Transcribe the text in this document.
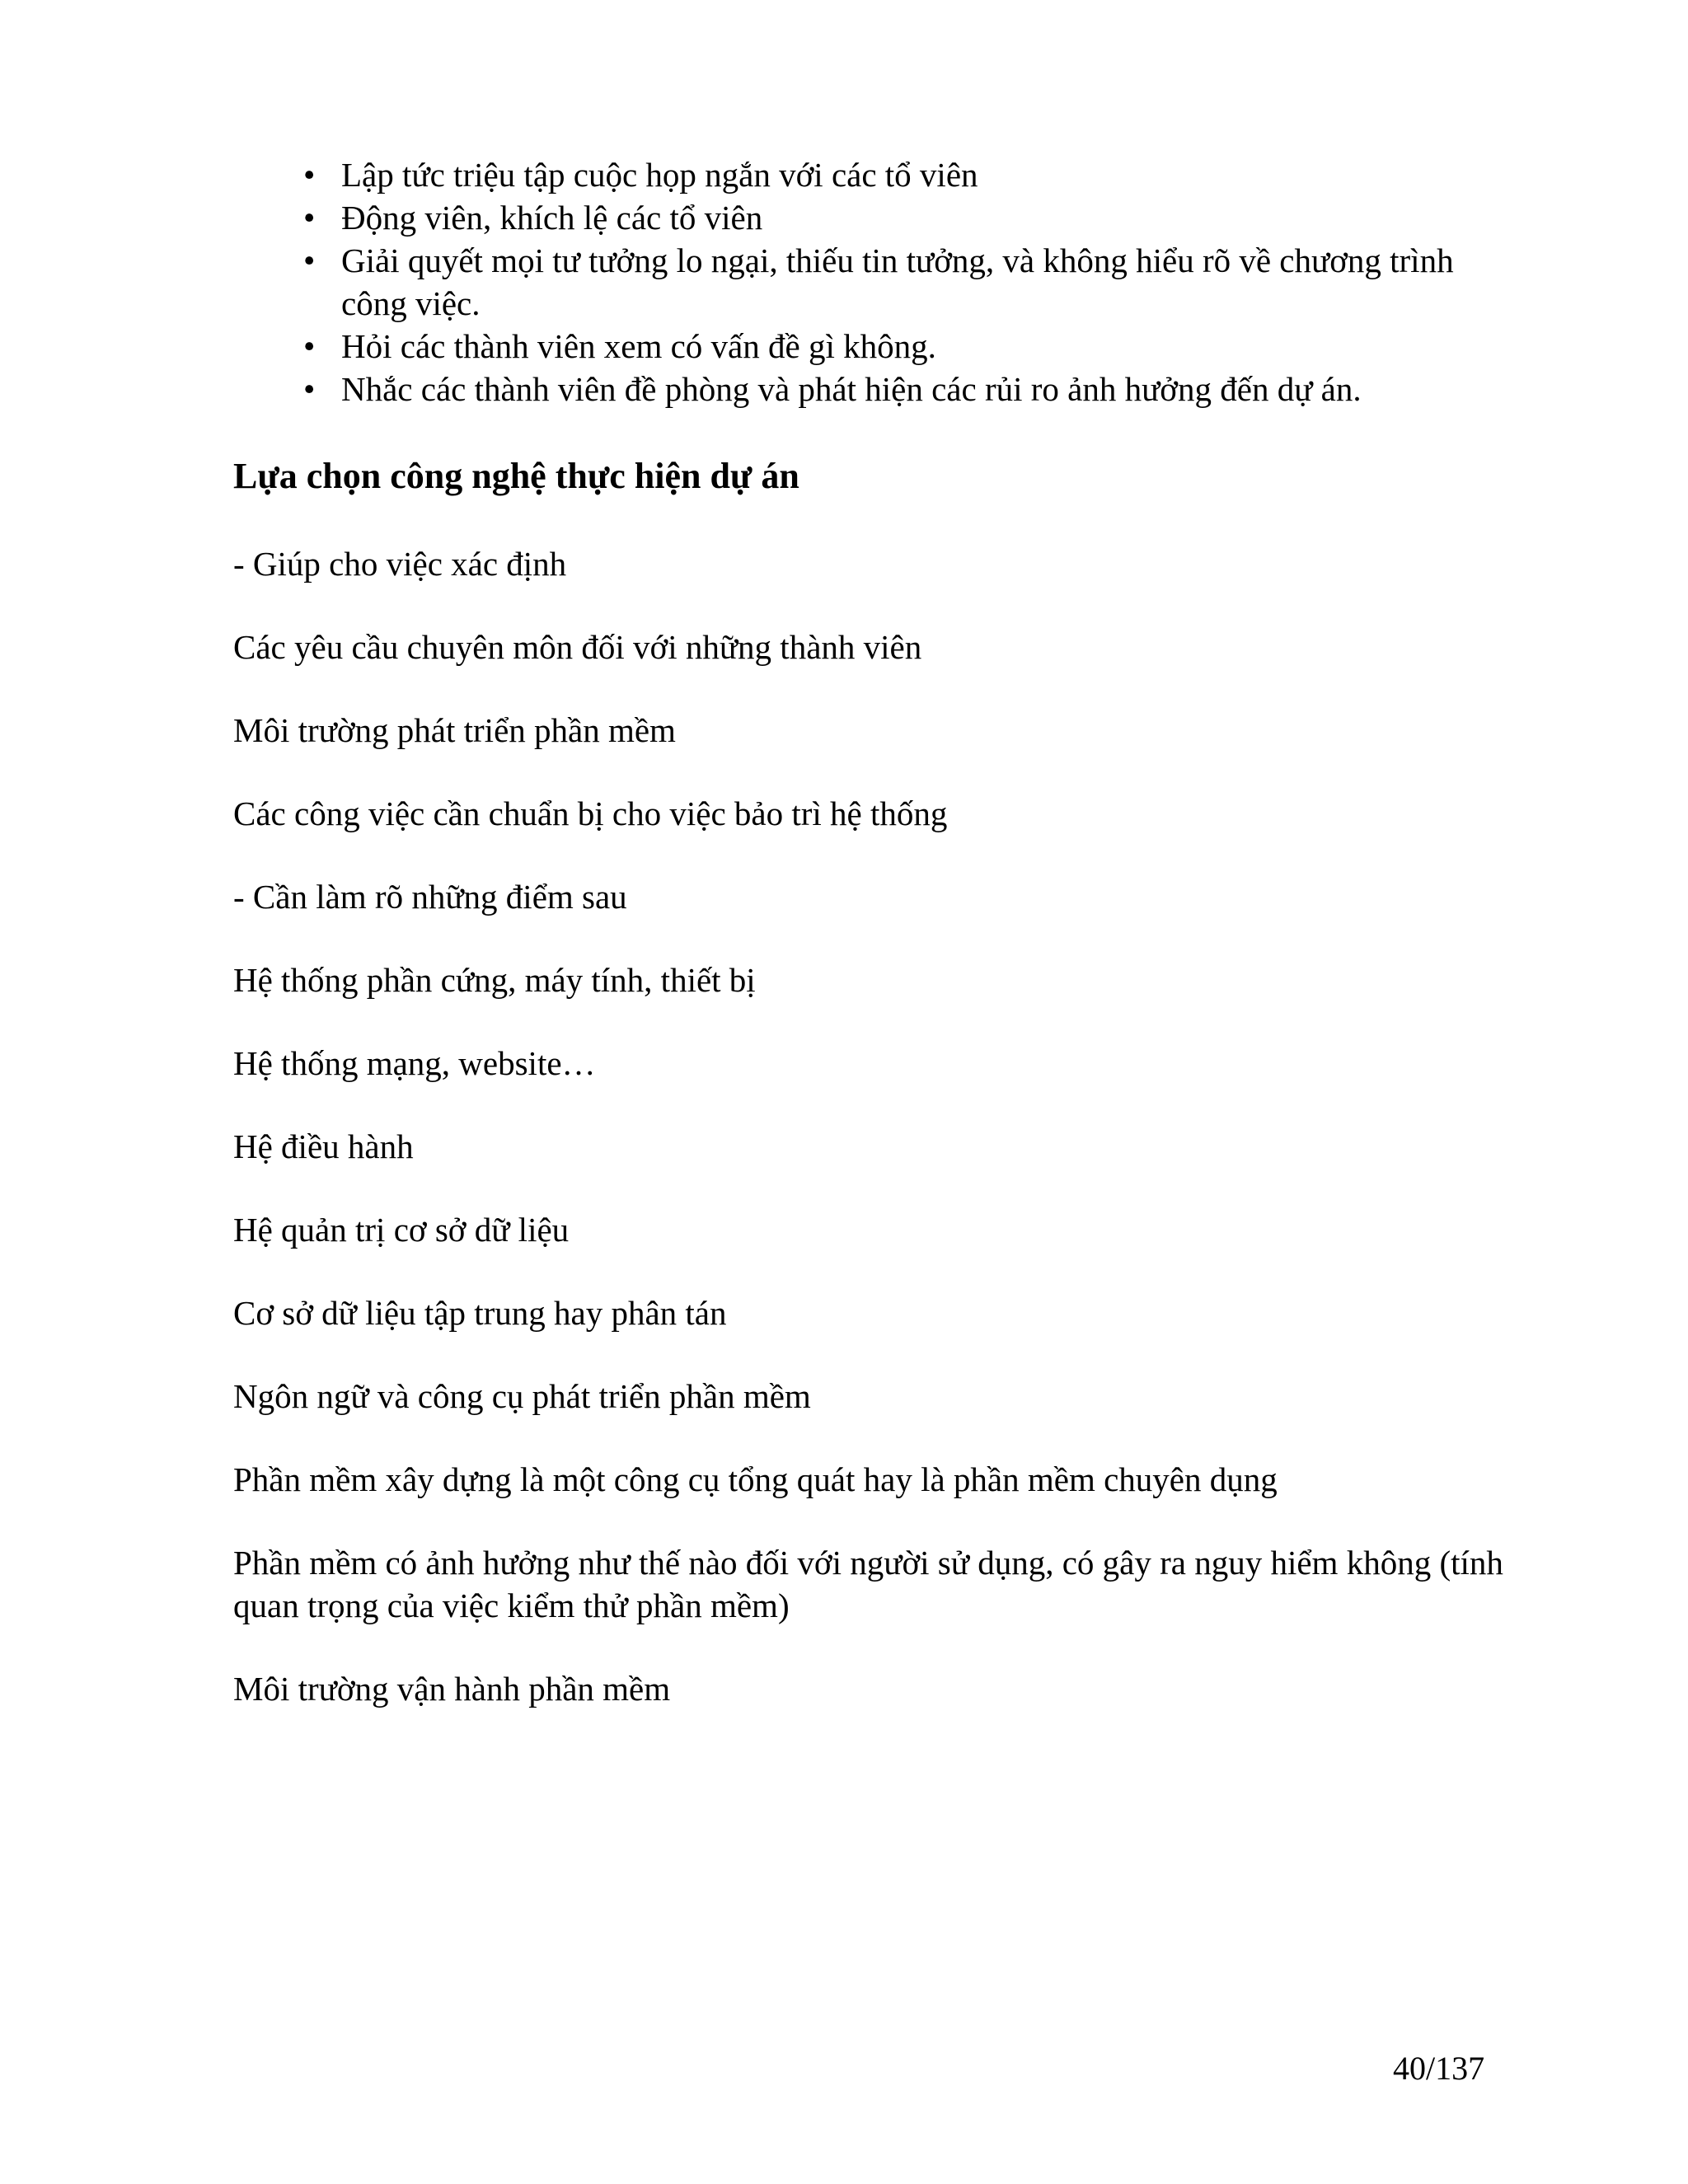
• Lập tức triệu tập cuộc họp ngắn với các tổ viên
• Động viên, khích lệ các tổ viên
• Giải quyết mọi tư tưởng lo ngại, thiếu tin tưởng, và không hiểu rõ về chương trình công việc.
• Hỏi các thành viên xem có vấn đề gì không.
• Nhắc các thành viên đề phòng và phát hiện các rủi ro ảnh hưởng đến dự án.
Lựa chọn công nghệ thực hiện dự án

- Giúp cho việc xác định

Các yêu cầu chuyên môn đối với những thành viên

Môi trường phát triển phần mềm

Các công việc cần chuẩn bị cho việc bảo trì hệ thống

- Cần làm rõ những điểm sau

Hệ thống phần cứng, máy tính, thiết bị

Hệ thống mạng, website…

Hệ điều hành

Hệ quản trị cơ sở dữ liệu

Cơ sở dữ liệu tập trung hay phân tán

Ngôn ngữ và công cụ phát triển phần mềm

Phần mềm xây dựng là một công cụ tổng quát hay là phần mềm chuyên dụng

Phần mềm có ảnh hưởng như thế nào đối với người sử dụng, có gây ra nguy hiểm không (tính quan trọng của việc kiểm thử phần mềm)

Môi trường vận hành phần mềm

40/137
